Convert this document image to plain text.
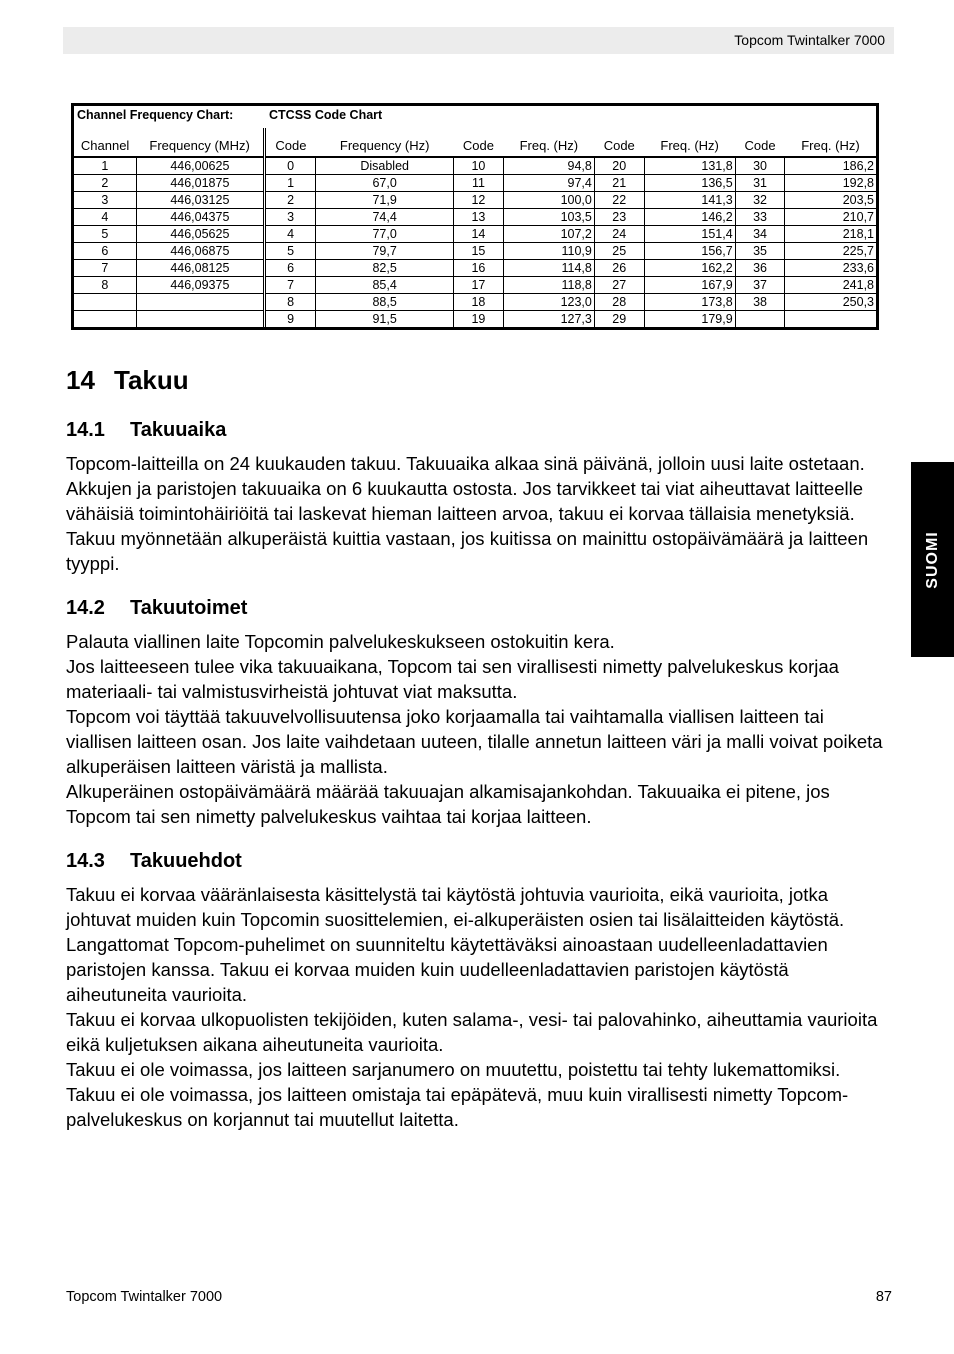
Topcom Twintalker 7000
Channel Frequency Chart:
Channel	Frequency (MHz)
1	446,00625
2	446,01875
3	446,03125
4	446,04375
5	446,05625
6	446,06875
7	446,08125
8	446,09375

CTCSS Code Chart
Code	Frequency (Hz)	Code	Freq. (Hz)	Code	Freq. (Hz)	Code	Freq. (Hz)
0	Disabled	10	94,8	20	131,8	30	186,2
1	67,0	11	97,4	21	136,5	31	192,8
2	71,9	12	100,0	22	141,3	32	203,5
3	74,4	13	103,5	23	146,2	33	210,7
4	77,0	14	107,2	24	151,4	34	218,1
5	79,7	15	110,9	25	156,7	35	225,7
6	82,5	16	114,8	26	162,2	36	233,6
7	85,4	17	118,8	27	167,9	37	241,8
8	88,5	18	123,0	28	173,8	38	250,3
9	91,5	19	127,3	29	179,9		
14 Takuu
14.1 Takuuaika

Topcom-laitteilla on 24 kuukauden takuu. Takuuaika alkaa sinä päivänä, jolloin uusi laite ostetaan. Akkujen ja paristojen takuuaika on 6 kuukautta ostosta. Jos tarvikkeet tai viat aiheuttavat laitteelle vähäisiä toimintohäiriöitä tai laskevat hieman laitteen arvoa, takuu ei korvaa tällaisia menetyksiä.

Takuu myönnetään alkuperäistä kuittia vastaan, jos kuitissa on mainittu ostopäivämäärä ja laitteen tyyppi.

14.2 Takuutoimet

Palauta viallinen laite Topcomin palvelukeskukseen ostokuitin kera.

Jos laitteeseen tulee vika takuuaikana, Topcom tai sen virallisesti nimetty palvelukeskus korjaa materiaali- tai valmistusvirheistä johtuvat viat maksutta.

Topcom voi täyttää takuuvelvollisuutensa joko korjaamalla tai vaihtamalla viallisen laitteen tai viallisen laitteen osan. Jos laite vaihdetaan uuteen, tilalle annetun laitteen väri ja malli voivat poiketa alkuperäisen laitteen väristä ja mallista.

Alkuperäinen ostopäivämäärä määrää takuuajan alkamisajankohdan. Takuuaika ei pitene, jos Topcom tai sen nimetty palvelukeskus vaihtaa tai korjaa laitteen.

14.3 Takuuehdot

Takuu ei korvaa vääränlaisesta käsittelystä tai käytöstä johtuvia vaurioita, eikä vaurioita, jotka johtuvat muiden kuin Topcomin suosittelemien, ei-alkuperäisten osien tai lisälaitteiden käytöstä.

Langattomat Topcom-puhelimet on suunniteltu käytettäväksi ainoastaan uudelleenladattavien paristojen kanssa. Takuu ei korvaa muiden kuin uudelleenladattavien paristojen käytöstä aiheutuneita vaurioita.

Takuu ei korvaa ulkopuolisten tekijöiden, kuten salama-, vesi- tai palovahinko, aiheuttamia vaurioita eikä kuljetuksen aikana aiheutuneita vaurioita.

Takuu ei ole voimassa, jos laitteen sarjanumero on muutettu, poistettu tai tehty lukemattomiksi.

Takuu ei ole voimassa, jos laitteen omistaja tai epäpätevä, muu kuin virallisesti nimetty Topcom-palvelukeskus on korjannut tai muutellut laitetta.

SUOMI
Topcom Twintalker 7000	87
